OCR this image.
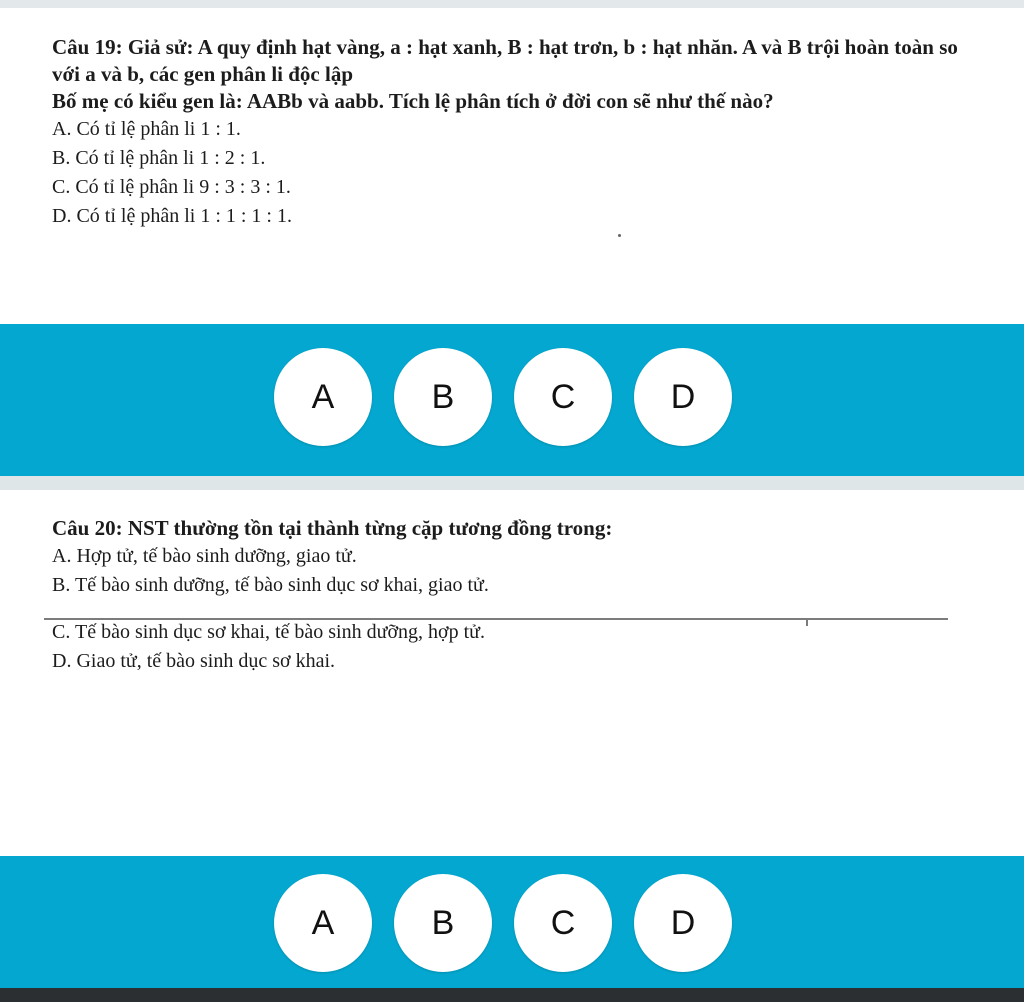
Câu 19: Giả sử: A quy định hạt vàng, a : hạt xanh, B : hạt trơn, b : hạt nhăn. A và B trội hoàn toàn so với a và b, các gen phân li độc lập
Bố mẹ có kiểu gen là: AABb và aabb. Tích lệ phân tích ở đời con sẽ như thế nào?
A. Có tỉ lệ phân li 1 : 1.
B. Có tỉ lệ phân li 1 : 2 : 1.
C. Có tỉ lệ phân li 9 : 3 : 3 : 1.
D. Có tỉ lệ phân li 1 : 1 : 1 : 1.
A	B	C	D
Câu 20: NST thường tồn tại thành từng cặp tương đồng trong:
A. Hợp tử, tế bào sinh dưỡng, giao tử.
B. Tế bào sinh dưỡng, tế bào sinh dục sơ khai, giao tử.
C. Tế bào sinh dục sơ khai, tế bào sinh dưỡng, hợp tử.
D. Giao tử, tế bào sinh dục sơ khai.
A	B	C	D
